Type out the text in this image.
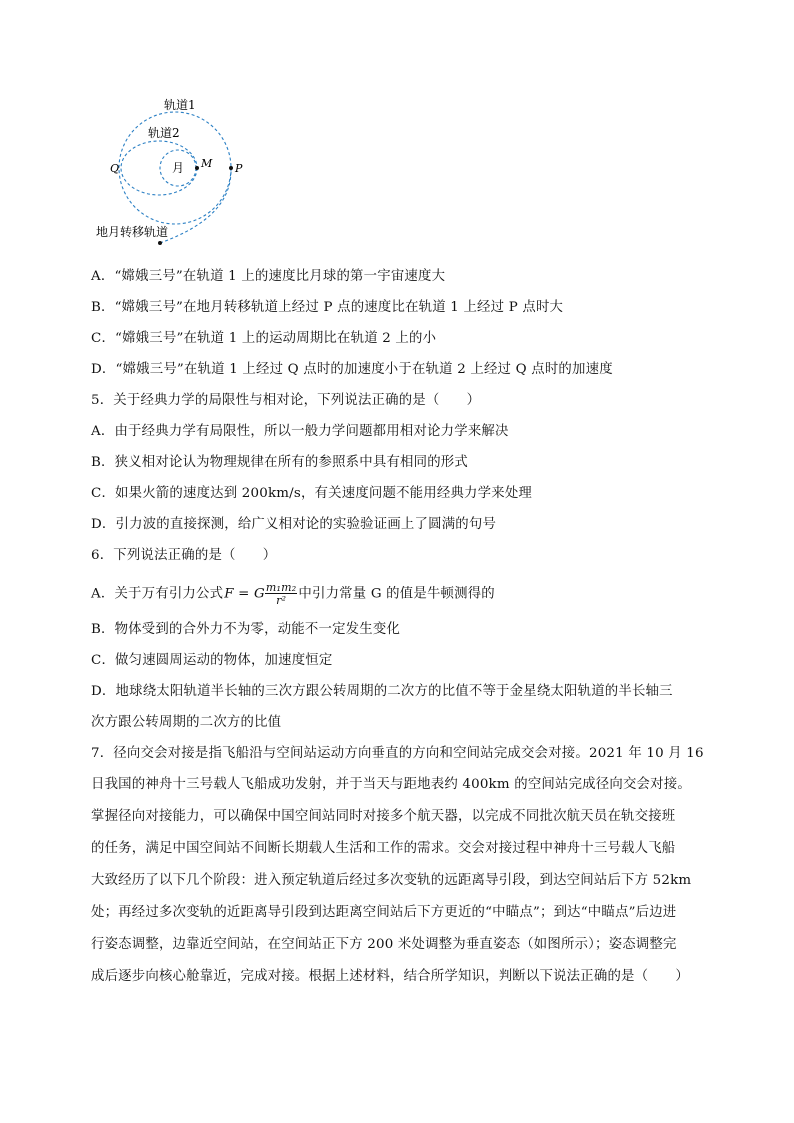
轨道1
轨道2
月 M P
Q
地月转移轨道
A．“嫦娥三号”在轨道 1 上的速度比月球的第一宇宙速度大
B．“嫦娥三号”在地月转移轨道上经过 P 点的速度比在轨道 1 上经过 P 点时大
C．“嫦娥三号”在轨道 1 上的运动周期比在轨道 2 上的小
D．“嫦娥三号”在轨道 1 上经过 Q 点时的加速度小于在轨道 2 上经过 Q 点时的加速度
5．关于经典力学的局限性与相对论，下列说法正确的是（　　）
A．由于经典力学有局限性，所以一般力学问题都用相对论力学来解决
B．狭义相对论认为物理规律在所有的参照系中具有相同的形式
C．如果火箭的速度达到 200km/s，有关速度问题不能用经典力学来处理
D．引力波的直接探测，给广义相对论的实验验证画上了圆满的句号
6．下列说法正确的是（　　）
A．关于万有引力公式F = G $\frac{\text{m₁m₂}}{\text{r²}}$ 中引力常量 G 的值是牛顿测得的
B．物体受到的合外力不为零，动能不一定发生变化
C．做匀速圆周运动的物体，加速度恒定
D．地球绕太阳轨道半长轴的三次方跟公转周期的二次方的比值不等于金星绕太阳轨道的半长轴三
次方跟公转周期的二次方的比值
7．径向交会对接是指飞船沿与空间站运动方向垂直的方向和空间站完成交会对接。2021 年 10 月 16
日我国的神舟十三号载人飞船成功发射，并于当天与距地表约 400km 的空间站完成径向交会对接。
掌握径向对接能力，可以确保中国空间站同时对接多个航天器，以完成不同批次航天员在轨交接班
的任务，满足中国空间站不间断长期载人生活和工作的需求。交会对接过程中神舟十三号载人飞船
大致经历了以下几个阶段：进入预定轨道后经过多次变轨的远距离导引段，到达空间站后下方 52km
处；再经过多次变轨的近距离导引段到达距离空间站后下方更近的“中瞄点”；到达“中瞄点”后边进
行姿态调整，边靠近空间站，在空间站正下方 200 米处调整为垂直姿态（如图所示）；姿态调整完
成后逐步向核心舱靠近，完成对接。根据上述材料，结合所学知识，判断以下说法正确的是（　　）
